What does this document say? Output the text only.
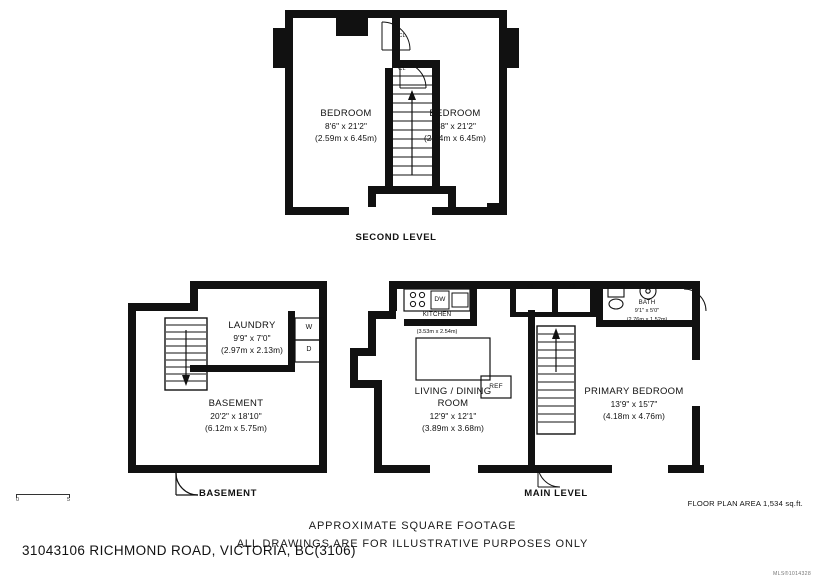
BEDROOM
8'6" x 21'2"
(2.59m x 6.45m)
BEDROOM
8'8" x 21'2"
(2.64m x 6.45m)
CL
CL
SECOND LEVEL
LAUNDRY
9'9" x 7'0"
(2.97m x 2.13m)
W
D
BASEMENT
20'2" x 18'10"
(6.12m x 5.75m)
BASEMENT
DW
KITCHEN
11'7" x 8'4"
(3.53m x 2.54m)
LIVING / DINING
ROOM
12'9" x 12'1"
(3.89m x 3.68m)
REF
CL	CL
BATH
9'1" x 5'0"
(2.76m x 1.52m)
PRIMARY BEDROOM
13'9" x 15'7"
(4.18m x 4.76m)
MAIN LEVEL
0	5	FLOOR PLAN AREA 1,534 sq.ft.
APPROXIMATE SQUARE FOOTAGE
ALL DRAWINGS ARE FOR ILLUSTRATIVE PURPOSES ONLY
31043106 RICHMOND ROAD, VICTORIA, BC(3106)
MLS®1014328
